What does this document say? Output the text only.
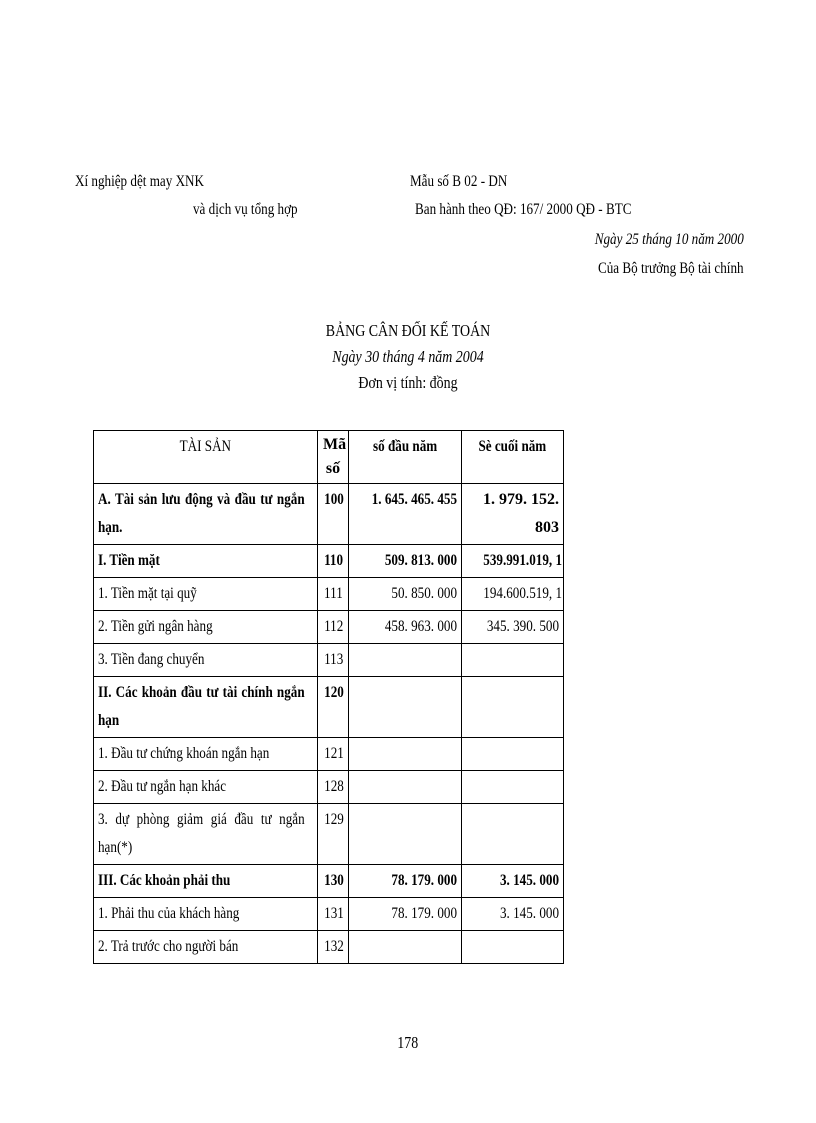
Xí nghiệp dệt may XNK
và dịch vụ tổng hợp
Mẫu số B 02 - DN
Ban hành theo QĐ: 167/ 2000 QĐ - BTC
Ngày 25 tháng 10 năm 2000
Của Bộ trưởng Bộ tài chính
BẢNG CÂN ĐỐI KẾ TOÁN
Ngày 30 tháng 4 năm 2004
Đơn vị tính: đồng
TÀI SẢN	Mã số	số đầu năm	Sè cuối năm

A. Tài sản lưu động và đầu tư ngắn hạn.	100	1. 645. 465. 455	1. 979. 152. 803
I. Tiền mặt	110	509. 813. 000	539.991.019, 1
1. Tiền mặt tại quỹ	111	50. 850. 000	194.600.519, 1
2. Tiền gửi ngân hàng	112	458. 963. 000	345. 390. 500
3. Tiền đang chuyển	113		

II. Các khoản đầu tư tài chính ngắn hạn	120		
1. Đầu tư chứng khoán ngắn hạn	121		
2. Đầu tư ngắn hạn khác	128		

3. dự phòng giảm giá đầu tư ngắn hạn(*)	129		
III. Các khoản phải thu	130	78. 179. 000	3. 145. 000
1. Phải thu của khách hàng	131	78. 179. 000	3. 145. 000
2. Trả trước cho người bán	132		
178
